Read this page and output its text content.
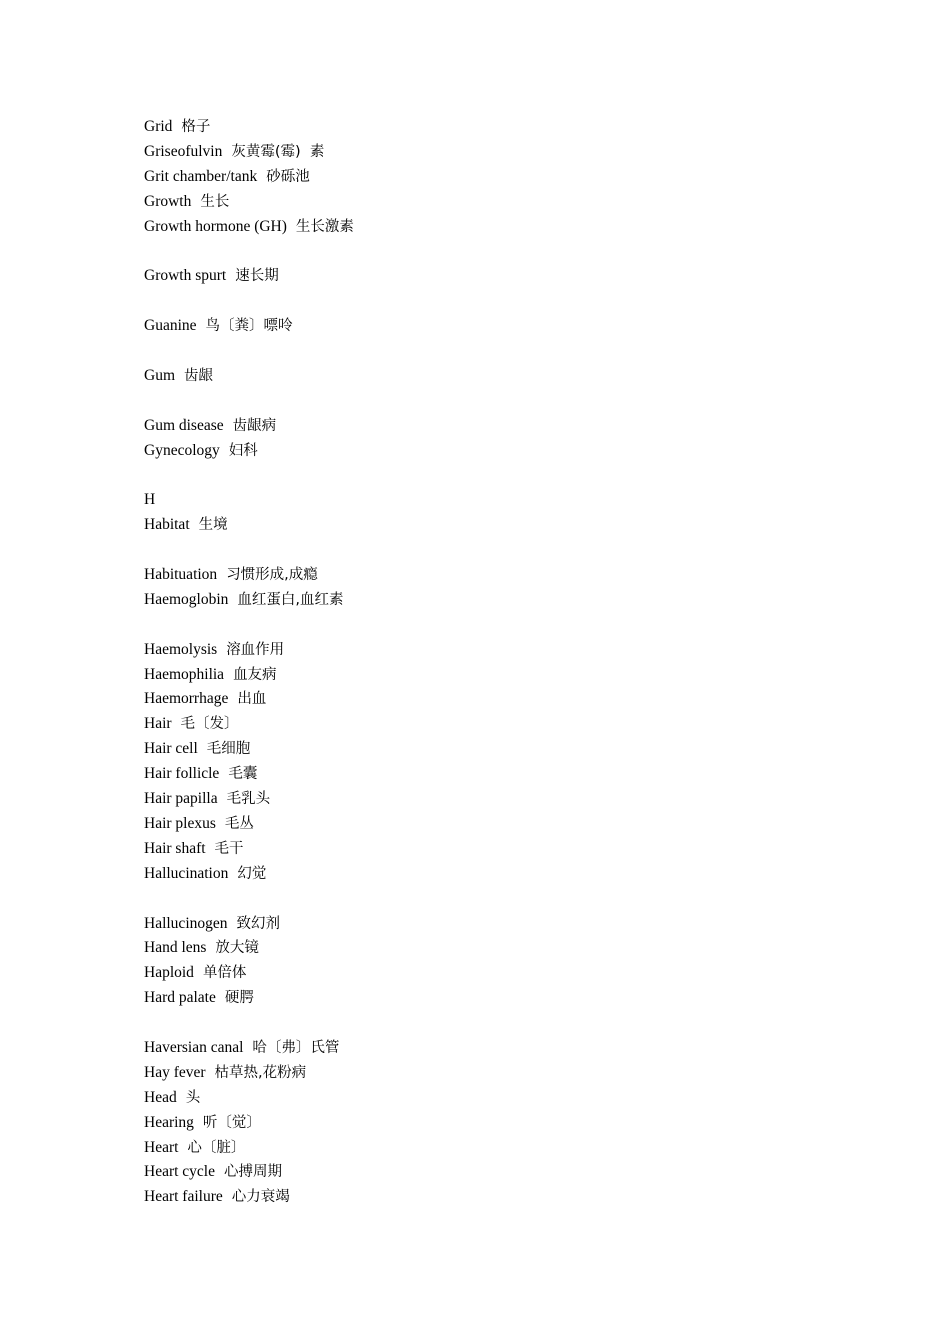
Grid 格子
Griseofulvin 灰黄霉(霉)  素
Grit chamber/tank 砂砾池
Growth 生长
Growth hormone (GH) 生长激素
Growth spurt 速长期
Guanine 鸟〔粪〕嘌呤
Gum 齿龈
Gum disease 齿龈病
Gynecology 妇科
H
Habitat 生境
Habituation 习惯形成,成瘾
Haemoglobin 血红蛋白,血红素
Haemolysis 溶血作用
Haemophilia 血友病
Haemorrhage 出血
Hair 毛〔发〕
Hair cell 毛细胞
Hair follicle 毛囊
Hair papilla 毛乳头
Hair plexus 毛丛
Hair shaft 毛干
Hallucination 幻觉
Hallucinogen 致幻剂
Hand lens 放大镜
Haploid 单倍体
Hard palate 硬腭
Haversian canal 哈〔弗〕氏管
Hay fever 枯草热,花粉病
Head 头
Hearing 听〔觉〕
Heart 心〔脏〕
Heart cycle 心搏周期
Heart failure 心力衰竭
